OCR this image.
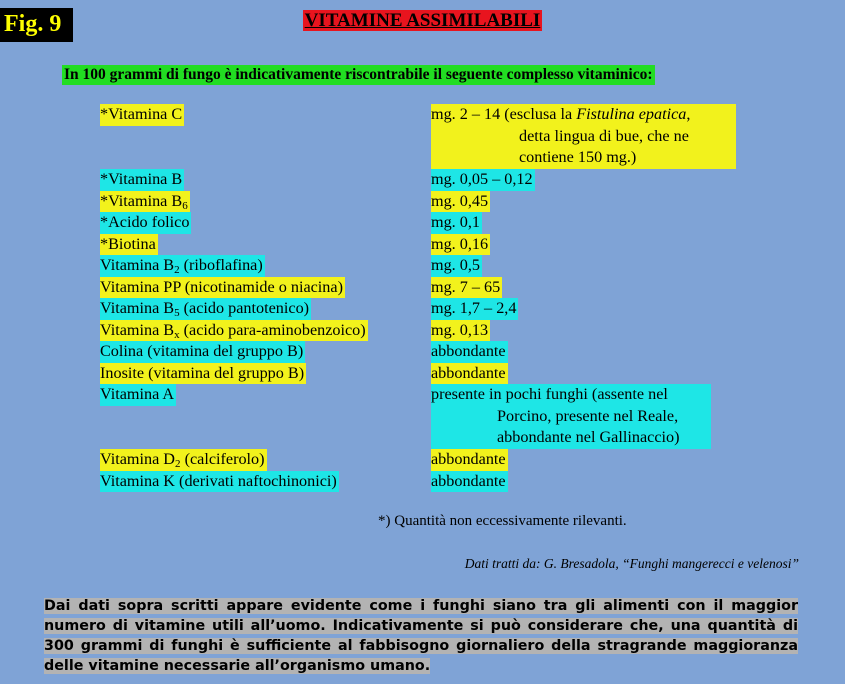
Fig. 9	VITAMINE ASSIMILABILI
In 100 grammi di fungo è indicativamente riscontrabile il seguente complesso vitaminico:
*Vitamina C	mg. 2 – 14 (esclusa la Fistulina epatica,
detta lingua di bue, che ne
contiene 150 mg.)
*Vitamina B	mg. 0,05 – 0,12
*Vitamina $B_6$	mg. 0,45
*Acido folico	mg. 0,1
*Biotina	mg. 0,16
Vitamina $B_2$ (riboflafina)	mg. 0,5
Vitamina PP (nicotinamide o niacina)	mg. 7 – 65
Vitamina $B_5$ (acido pantotenico)	mg. 1,7 – 2,4
Vitamina $B_x$ (acido para-aminobenzoico)	mg. 0,13
Colina (vitamina del gruppo B)	abbondante
Inosite (vitamina del gruppo B)	abbondante
Vitamina A	presente in pochi funghi (assente nel
Porcino, presente nel Reale,
abbondante nel Gallinaccio)
Vitamina $D_2$ (calciferolo)	abbondante
Vitamina K (derivati naftochinonici)	abbondante
*) Quantità non eccessivamente rilevanti.
Dati tratti da: G. Bresadola, “Funghi mangerecci e velenosi”
Dai dati sopra scritti appare evidente come i funghi siano tra gli alimenti con il maggior numero di vitamine utili all’uomo. Indicativamente si può considerare che, una quantità di 300 grammi di funghi è sufficiente al fabbisogno giornaliero della stragrande maggioranza delle vitamine necessarie all’organismo umano.
